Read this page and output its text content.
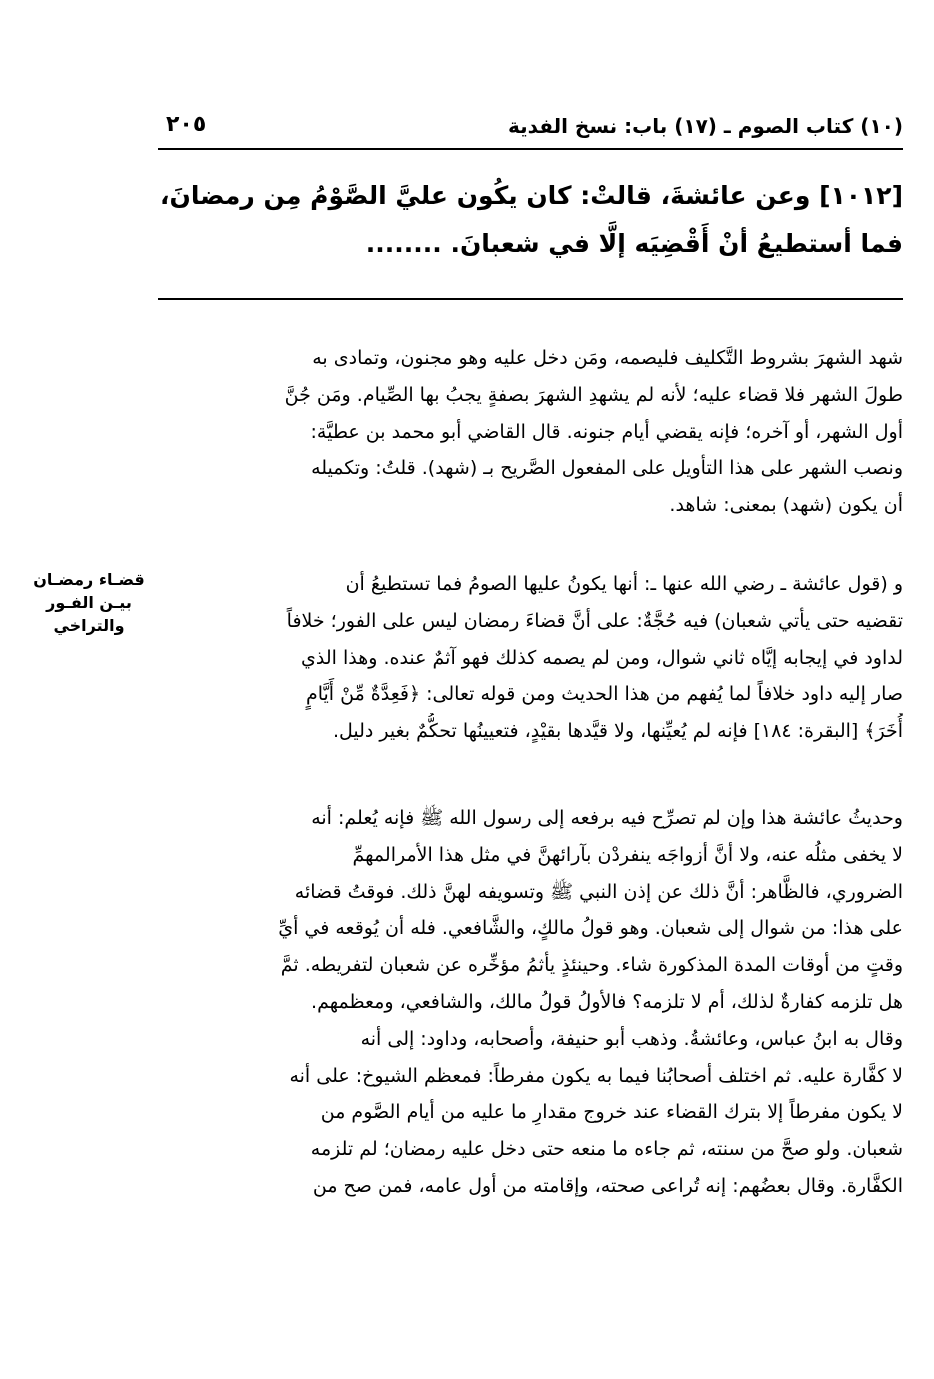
(١٠) كتاب الصوم ـ (١٧) باب: نسخ الفدية
٢٠٥
[١٠١٢] وعن عائشةَ، قالتْ: كان يكُون عليَّ الصَّوْمُ مِن رمضانَ،
فما أستطيعُ أنْ أَقْضِيَه إلَّا في شعبانَ. ........
شهد الشهرَ بشروط التَّكليف فليصمه، ومَن دخل عليه وهو مجنون، وتمادى به
طولَ الشهر فلا قضاء عليه؛ لأنه لم يشهدِ الشهرَ بصفةٍ يجبُ بها الصِّيام. ومَن جُنَّ
أول الشهر، أو آخره؛ فإنه يقضي أيام جنونه. قال القاضي أبو محمد بن عطيَّة:
ونصب الشهر على هذا التأويل على المفعول الصَّريح بـ (شهد). قلتُ: وتكميله
أن يكون (شهد) بمعنى: شاهد.
و (قول عائشة ـ رضي الله عنها ـ: أنها يكونُ عليها الصومُ فما تستطيعُ أن
تقضيه حتى يأتي شعبان) فيه حُجَّةٌ: على أنَّ قضاءَ رمضان ليس على الفور؛ خلافاً
لداود في إيجابه إيَّاه ثاني شوال، ومن لم يصمه كذلك فهو آثمٌ عنده. وهذا الذي
صار إليه داود خلافاً لما يُفهم من هذا الحديث ومن قوله تعالى: ﴿فَعِدَّةٌ مِّنْ أَيَّامٍ
أُخَرَ﴾ [البقرة: ١٨٤] فإنه لم يُعيِّنها، ولا قيَّدها بقيْدٍ، فتعيينُها تحكُّمٌ بغير دليل.
وحديثُ عائشة هذا وإن لم تصرِّح فيه برفعه إلى رسول الله ﷺ فإنه يُعلم: أنه
لا يخفى مثلُه عنه، ولا أنَّ أزواجَه ينفردْن بآرائهنَّ في مثل هذا الأمرالمهمِّ
الضروري، فالظَّاهر: أنَّ ذلك عن إذن النبي ﷺ وتسويفه لهنَّ ذلك. فوقتُ قضائه
على هذا: من شوال إلى شعبان. وهو قولُ مالكٍ، والشَّافعي. فله أن يُوقعه في أيِّ
وقتٍ من أوقات المدة المذكورة شاء. وحينئذٍ يأثمُ مؤخِّره عن شعبان لتفريطه. ثمَّ
هل تلزمه كفارةٌ لذلك، أم لا تلزمه؟ فالأولُ قولُ مالك، والشافعي، ومعظمهم.
وقال به ابنُ عباس، وعائشةُ. وذهب أبو حنيفة، وأصحابه، وداود: إلى أنه
لا كفَّارة عليه. ثم اختلف أصحابُنا فيما به يكون مفرطاً: فمعظم الشيوخ: على أنه
لا يكون مفرطاً إلا بترك القضاء عند خروج مقدارِ ما عليه من أيام الصَّوم من
شعبان. ولو صحَّ من سنته، ثم جاءه ما منعه حتى دخل عليه رمضان؛ لم تلزمه
الكفَّارة. وقال بعضُهم: إنه تُراعى صحته، وإقامته من أول عامه، فمن صح من
قضـاء رمضـان
بيـن الفـور
والتراخي
